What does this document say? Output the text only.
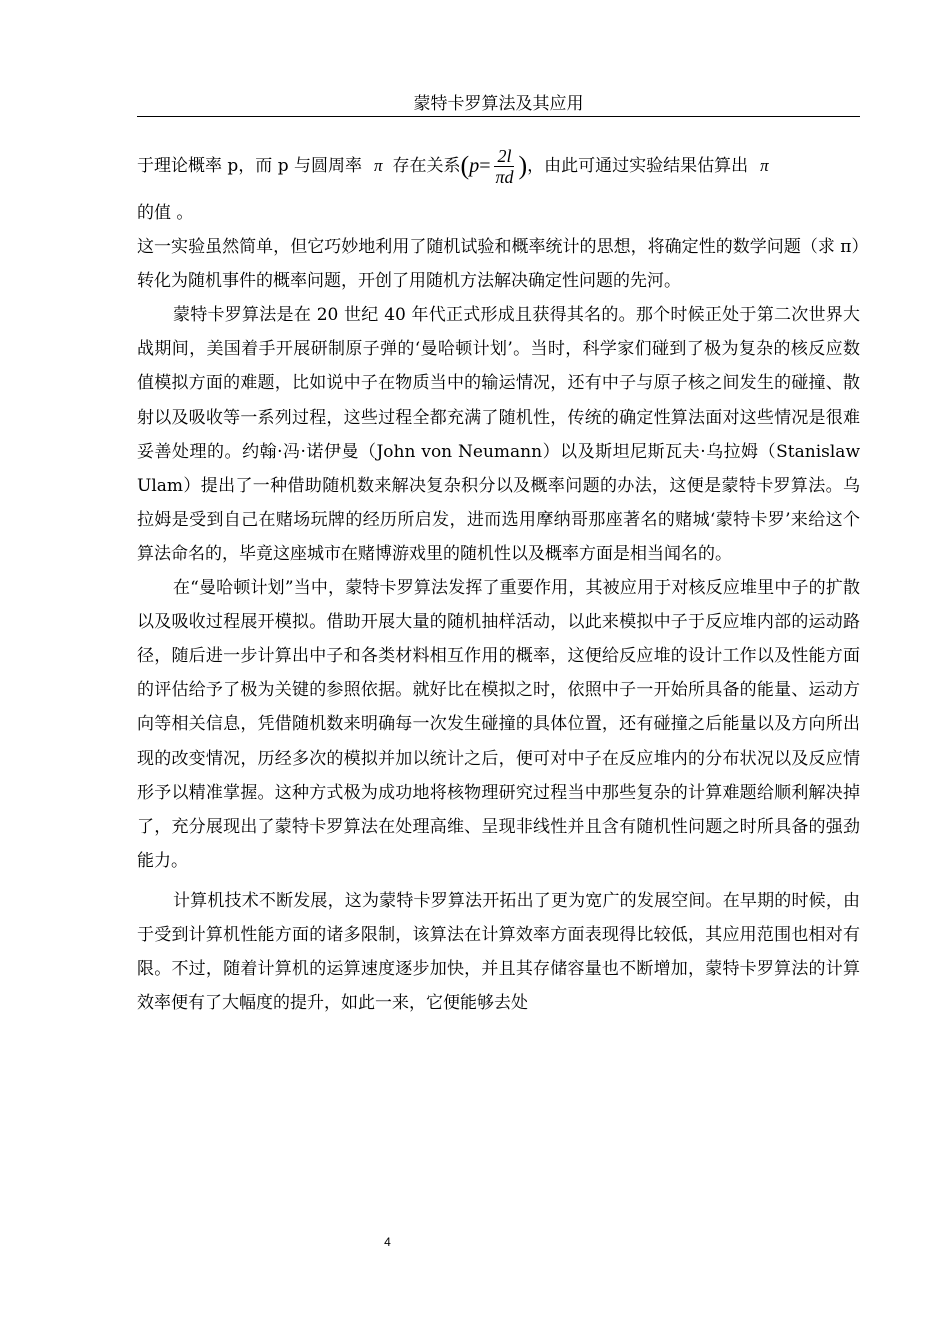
蒙特卡罗算法及其应用
于理论概率 p，而 p 与圆周率 π 存在关系 ( $p = \frac{2l}{\pi d}$ ) ，由此可通过实验结果估算出 π

的值 。

这一实验虽然简单，但它巧妙地利用了随机试验和概率统计的思想，将确定性的数学问题（求 π）转化为随机事件的概率问题，开创了用随机方法解决确定性问题的先河。

蒙特卡罗算法是在 20 世纪 40 年代正式形成且获得其名的。那个时候正处于第二次世界大战期间，美国着手开展研制原子弹的‘曼哈顿计划’。当时，科学家们碰到了极为复杂的核反应数值模拟方面的难题，比如说中子在物质当中的输运情况，还有中子与原子核之间发生的碰撞、散射以及吸收等一系列过程，这些过程全都充满了随机性，传统的确定性算法面对这些情况是很难妥善处理的。约翰·冯·诺伊曼（John von Neumann）以及斯坦尼斯瓦夫·乌拉姆（Stanislaw Ulam）提出了一种借助随机数来解决复杂积分以及概率问题的办法，这便是蒙特卡罗算法。乌拉姆是受到自己在赌场玩牌的经历所启发，进而选用摩纳哥那座著名的赌城‘蒙特卡罗’来给这个算法命名的，毕竟这座城市在赌博游戏里的随机性以及概率方面是相当闻名的。

在“曼哈顿计划”当中，蒙特卡罗算法发挥了重要作用，其被应用于对核反应堆里中子的扩散以及吸收过程展开模拟。借助开展大量的随机抽样活动，以此来模拟中子于反应堆内部的运动路径，随后进一步计算出中子和各类材料相互作用的概率，这便给反应堆的设计工作以及性能方面的评估给予了极为关键的参照依据。就好比在模拟之时，依照中子一开始所具备的能量、运动方向等相关信息，凭借随机数来明确每一次发生碰撞的具体位置，还有碰撞之后能量以及方向所出现的改变情况，历经多次的模拟并加以统计之后，便可对中子在反应堆内的分布状况以及反应情形予以精准掌握。这种方式极为成功地将核物理研究过程当中那些复杂的计算难题给顺利解决掉了，充分展现出了蒙特卡罗算法在处理高维、呈现非线性并且含有随机性问题之时所具备的强劲能力。

计算机技术不断发展，这为蒙特卡罗算法开拓出了更为宽广的发展空间。在早期的时候，由于受到计算机性能方面的诸多限制，该算法在计算效率方面表现得比较低，其应用范围也相对有限。不过，随着计算机的运算速度逐步加快，并且其存储容量也不断增加，蒙特卡罗算法的计算效率便有了大幅度的提升，如此一来，它便能够去处

4
